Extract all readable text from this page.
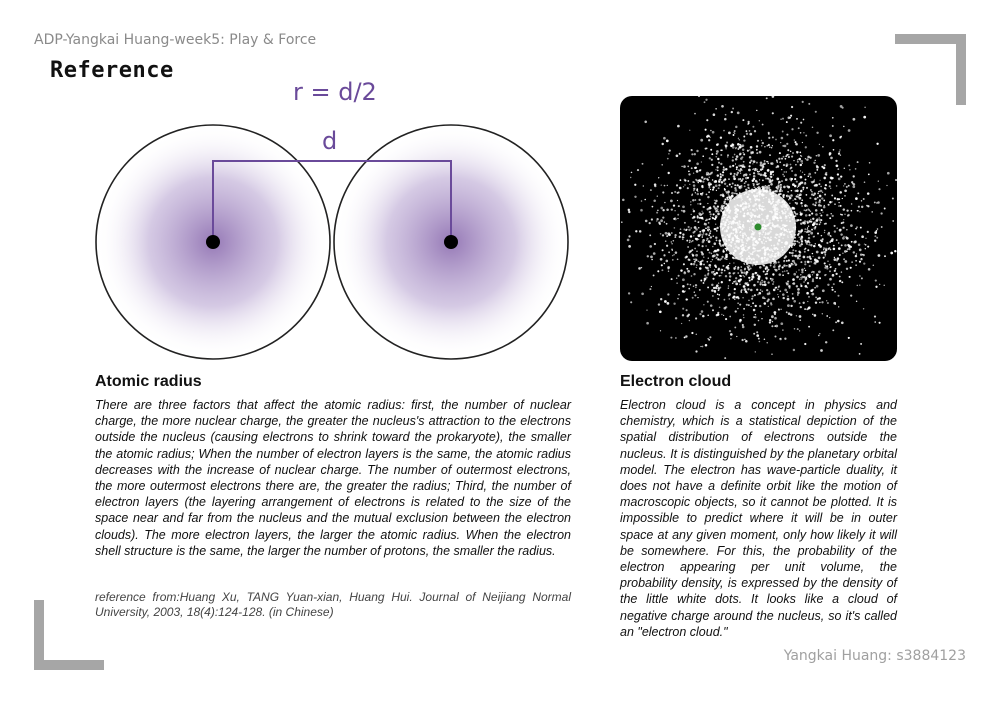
ADP-Yangkai Huang-week5: Play & Force
Reference
r = d/2
d
Atomic radius
There are three factors that affect the atomic radius: first, the number of nuclear charge, the more nuclear charge, the greater the nucleus's attraction to the electrons outside the nucleus (causing electrons to shrink toward the prokaryote), the smaller the atomic radius; When the number of electron layers is the same, the atomic radius decreases with the increase of nuclear charge. The number of outermost electrons, the more outermost electrons there are, the greater the radius; Third, the number of electron layers (the layering arrangement of electrons is related to the size of the space near and far from the nucleus and the mutual exclusion between the electron clouds). The more electron layers, the larger the atomic radius. When the electron shell structure is the same, the larger the number of protons, the smaller the radius.
reference from:Huang Xu, TANG Yuan-xian, Huang Hui. Journal of Neijiang Normal University, 2003, 18(4):124-128. (in Chinese)
Electron cloud
Electron cloud is a concept in physics and chemistry, which is a statistical depiction of the spatial distribution of electrons outside the nucleus. It is distinguished by the planetary orbital model. The electron has wave-particle duality, it does not have a definite orbit like the motion of macroscopic objects, so it cannot be plotted. It is impossible to predict where it will be in outer space at any given moment, only how likely it will be somewhere. For this, the probability of the electron appearing per unit volume, the probability density, is expressed by the density of the little white dots. It looks like a cloud of negative charge around the nucleus, so it's called an "electron cloud."
Yangkai Huang: s3884123
